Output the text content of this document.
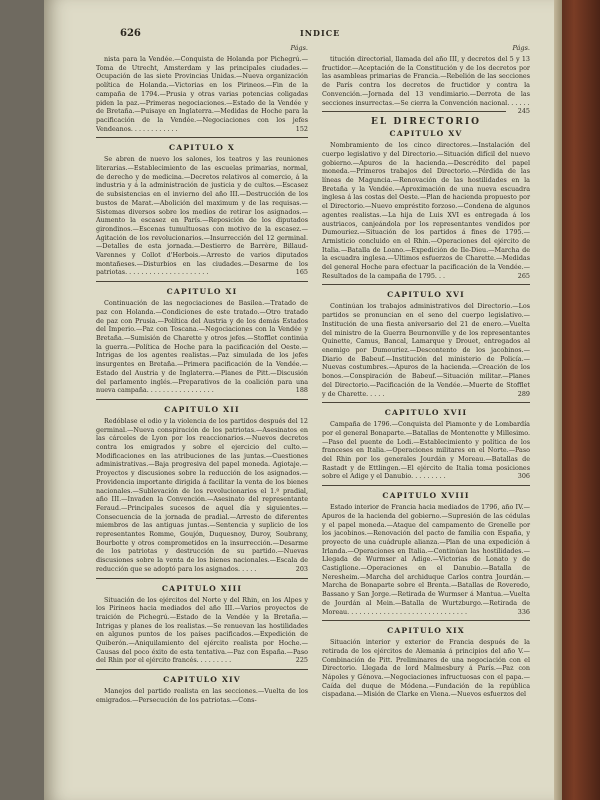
626	INDICE
Págs.

nista para la Vendée.—Conquista de Holanda por Pichegrú.—Toma de Utrecht, Amsterdam y las principales ciudades.—Ocupación de las siete Provincias Unidas.—Nueva organización política de Holanda.—Victorias en los Pirineos.—Fin de la campaña de 1794.—Prusia y otras varias potencias coligadas piden la paz.—Primeras negociaciones.—Estado de la Vendée y de Bretaña.—Puisaye en Inglaterra.—Medidas de Hoche para la pacificación de la Vendée.—Negociaciones con los jefes Vendeanos. . . . . . . . . . . .	152

CAPITULO X

Se abren de nuevo los salones, los teatros y las reuniones literarias.—Establecimiento de las escuelas primarias, normal, de derecho y de medicina.—Decretos relativos al comercio, á la industria y á la administración de justicia y de cultos.—Escasez de subsistencias en el invierno del año III.—Destrucción de los bustos de Marat.—Abolición del maximum y de las requisas.—Sistemas diversos sobre los medios de retirar los asignados.—Aumento la escasez en París.—Reposición de los diputados girondinos.—Escenas tumultuosas con motivo de la escasez.—Agitación de los revolucionarios.—Insurrección del 12 germinal.—Detalles de esta jornada.—Destierro de Barrère, Billaud-Varennes y Collot d'Herbois.—Arresto de varios diputados montañeses.—Disturbios en las ciudades.—Desarme de los patriotas. . . . . . . . . . . . . . . . . . . . .	165

CAPITULO XI

Continuación de las negociaciones de Basilea.—Tratado de paz con Holanda.—Condiciones de este tratado.—Otro tratado de paz con Prusia.—Política del Austria y de los demás Estados del Imperio.—Paz con Toscana.—Negociaciones con la Vendée y Bretaña.—Sumisión de Charette y otros jefes.—Stofflet continúa la guerra.—Política de Hoche para la pacificación del Oeste.—Intrigas de los agentes realistas.—Paz simulada de los jefes insurgentes en Bretaña.—Primera pacificación de la Vendée.—Estado del Austria y de Inglaterra.—Planes de Pitt.—Discusión del parlamento inglés.—Preparativos de la coalición para una nueva campaña. . . . . . . . . . . . . . . . .	188

CAPITULO XII

Redóblase el odio y la violencia de los partidos después del 12 germinal.—Nueva conspiración de los patriotas.—Asesinatos en las cárceles de Lyon por los reaccionarios.—Nuevos decretos contra los emigrados y sobre el ejercicio del culto.—Modificaciones en las atribuciones de las juntas.—Cuestiones administrativas.—Baja progresiva del papel moneda. Agiotaje.—Proyectos y discusiones sobre la reducción de los asignados.—Providencia importante dirigida á facilitar la venta de los bienes nacionales.—Sublevación de los revolucionarios el 1.º pradial, año III.—Invaden la Convención.—Asesinato del representante Feraud.—Principales sucesos de aquel día y siguientes.—Consecuencia de la jornada de pradial.—Arresto de diferentes miembros de las antiguas juntas.—Sentencia y suplicio de los representantes Romme, Goujón, Duquesnoy, Duroy, Soubrany, Bourbotte y otros comprometidos en la insurrección.—Desarme de los patriotas y destrucción de su partido.—Nuevas discusiones sobre la venta de los bienes nacionales.—Escala de reducción que se adoptó para los asignados. . . . .	203

CAPITULO XIII

Situación de los ejércitos del Norte y del Rhin, en los Alpes y los Pirineos hacia mediados del año III.—Varios proyectos de traición de Pichegrú.—Estado de la Vendée y la Bretaña.—Intrigas y planes de los realistas.—Se renuevan las hostilidades en algunos puntos de los países pacificados.—Expedición de Quiberón.—Aniquilamiento del ejército realista por Hoche.—Causas del poco éxito de esta tentativa.—Paz con España.—Paso del Rhin por el ejército francés. . . . . . . . .	225

CAPITULO XIV

Manejos del partido realista en las secciones.—Vuelta de los emigrados.—Persecución de los patriotas.—Cons-

Págs.

titución directorial, llamada del año III, y decretos del 5 y 13 fructidor.—Aceptación de la Constitución y de los decretos por las asambleas primarias de Francia.—Rebelión de las secciones de París contra los decretos de fructidor y contra la Convención.—Jornada del 13 vendimiario.—Derrota de las secciones insurrectas.—Se cierra la Convención nacional. . . . . .
245

EL DIRECTORIO
CAPITULO XV

Nombramiento de los cinco directores.—Instalación del cuerpo legislativo y del Directorio.—Situación difícil del nuevo gobierno.—Apuros de la hacienda.—Descrédito del papel moneda.—Primeros trabajos del Directorio.—Pérdida de las líneas de Maguncia.—Renovación de las hostilidades en la Bretaña y la Vendée.—Aproximación de una nueva escuadra inglesa á las costas del Oeste.—Plan de hacienda propuesto por el Directorio.—Nuevo empréstito forzoso.—Condena de algunos agentes realistas.—La hija de Luis XVI es entregada á los austriacos, canjeándola por los representantes vendidos por Dumouriez.—Situación de los partidos á fines de 1795.—Armisticio concluido en el Rhin.—Operaciones del ejército de Italia.—Batalla de Loano.—Expedición de Ile-Dieu.—Marcha de la escuadra inglesa.—Ultimos esfuerzos de Charette.—Medidas del general Hoche para efectuar la pacificación de la Vendée.—Resultados de la campaña de 1795. . .	265

CAPITULO XVI

Continúan los trabajos administrativos del Directorio.—Los partidos se pronuncian en el seno del cuerpo legislativo.—Institución de una fiesta aniversario del 21 de enero.—Vuelta del ministro de la Guerra Beurnonville y de los representantes Quinette, Camus, Bancal, Lamarque y Drouet, entregados al enemigo por Dumouriez.—Descontento de los jacobinos.—Diario de Babeuf.—Institución del ministerio de Policía.—Nuevas costumbres.—Apuros de la hacienda.—Creación de los bonos.—Conspiración de Babeuf.—Situación militar.—Planes del Directorio.—Pacificación de la Vendée.—Muerte de Stofflet y de Charette. . . . .	289

CAPITULO XVII

Campaña de 1796.—Conquista del Piamonte y de Lombardía por el general Bonaparte.—Batallas de Montenotte y Millesimo.—Paso del puente de Lodi.—Establecimiento y política de los franceses en Italia.—Operaciones militares en el Norte.—Paso del Rhin por los generales Jourdán y Moreau.—Batallas de Rastadt y de Ettlingen.—El ejército de Italia toma posiciones sobre el Adige y el Danubio. . . . . . . . .	306

CAPITULO XVIII

Estado interior de Francia hacia mediados de 1796, año IV.—Apuros de la hacienda del gobierno.—Supresión de las cédulas y el papel moneda.—Ataque del campamento de Grenelle por los jacobinos.—Renovación del pacto de familia con España, y proyecto de una cuádruple alianza.—Plan de una expedición á Irlanda.—Operaciones en Italia.—Continúan las hostilidades.—Llegada de Wurmser al Adige.—Victorias de Lonato y de Castiglione.—Operaciones en el Danubio.—Batalla de Neresheim.—Marcha del archiduque Carlos contra Jourdán.—Marcha de Bonaparte sobre el Brenta.—Batallas de Roveredo, Bassano y San Jorge.—Retirada de Wurmser á Mantua.—Vuelta de Jourdán al Mein.—Batalla de Wurtzburgo.—Retirada de Moreau. . . . . . . . . . . . . . . . . . . . . . . . . . . . . .	336

CAPITULO XIX

Situación interior y exterior de Francia después de la retirada de los ejércitos de Alemania á principios del año V.—Combinación de Pitt. Preliminares de una negociación con el Directorio. Llegada de lord Malmesbury á París.—Paz con Nápoles y Génova.—Negociaciones infructuosas con el papa.—Caída del duque de Módena.—Fundación de la república cispadana.—Misión de Clarke en Viena.—Nuevos esfuerzos del
